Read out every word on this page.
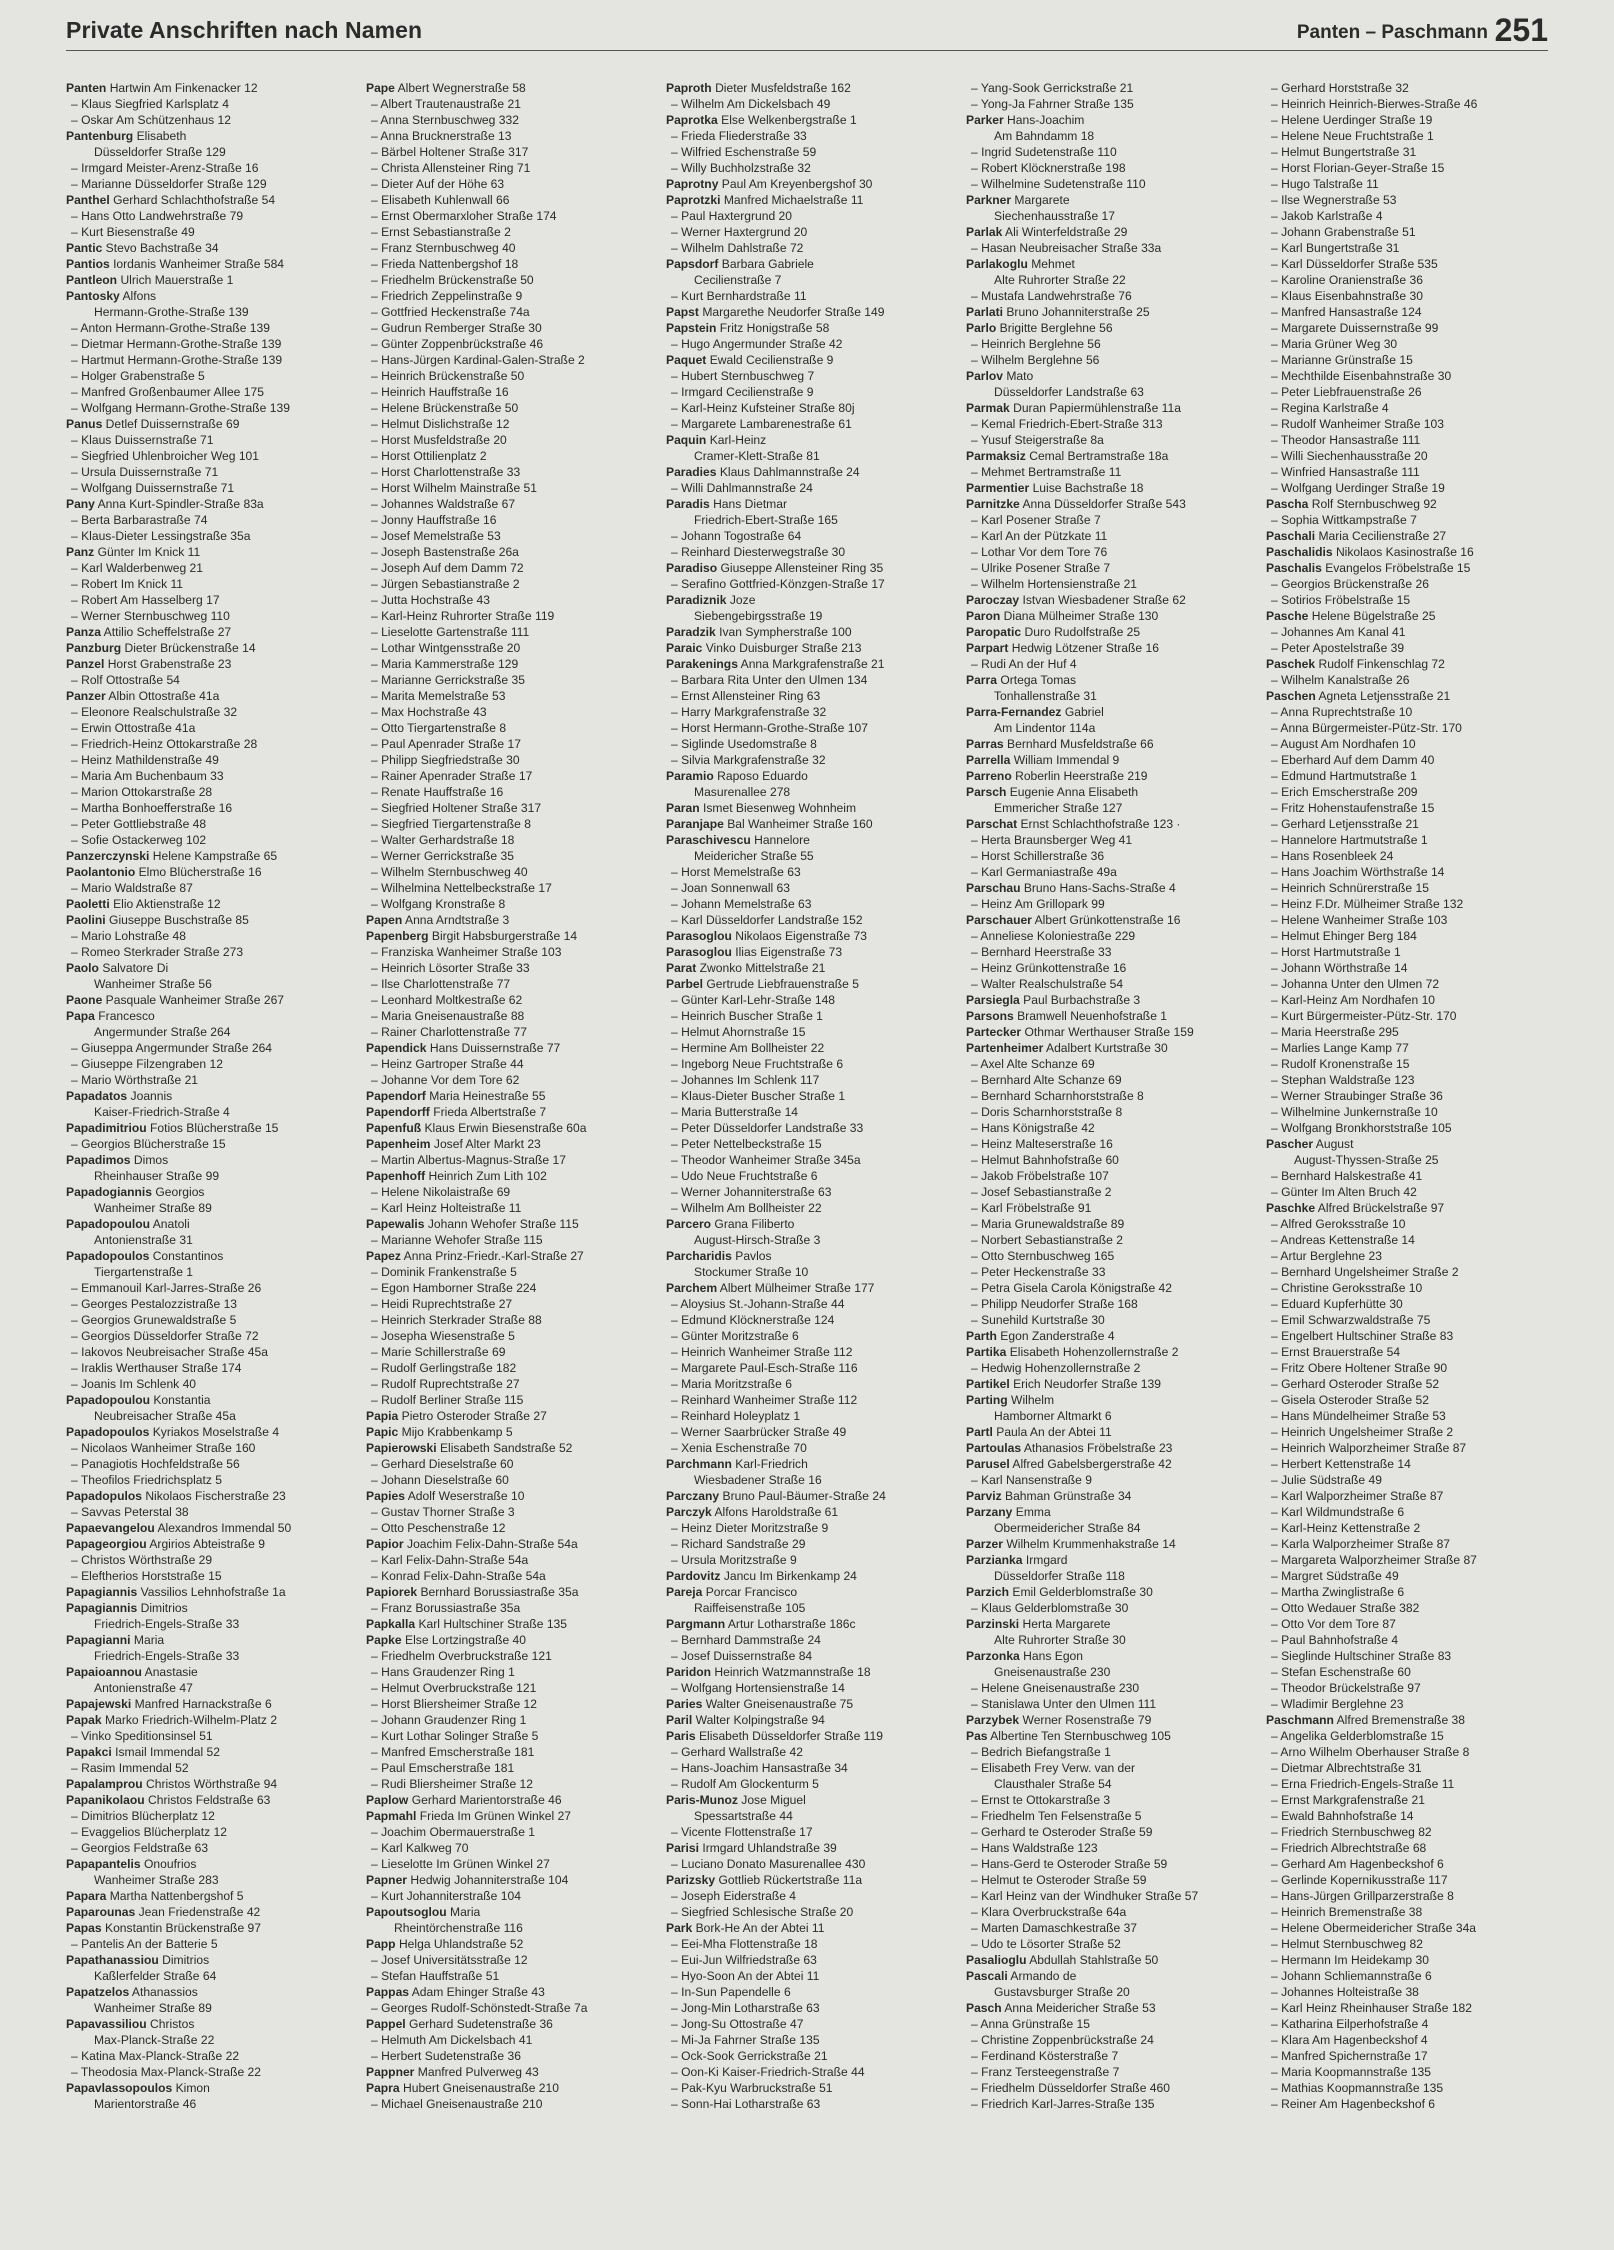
Private Anschriften nach Namen	Panten – Paschmann 251
Panten Hartwin Am Finkenacker 12
– Klaus Siegfried Karlsplatz 4
– Oskar Am Schützenhaus 12
Pantenburg Elisabeth
Düsseldorfer Straße 129
– Irmgard Meister-Arenz-Straße 16
– Marianne Düsseldorfer Straße 129
Panthel Gerhard Schlachthofstraße 54
– Hans Otto Landwehrstraße 79
– Kurt Biesenstraße 49
Pantic Stevo Bachstraße 34
Pantios Iordanis Wanheimer Straße 584
Pantleon Ulrich Mauerstraße 1
Pantosky Alfons
Hermann-Grothe-Straße 139
– Anton Hermann-Grothe-Straße 139
– Dietmar Hermann-Grothe-Straße 139
– Hartmut Hermann-Grothe-Straße 139
– Holger Grabenstraße 5
– Manfred Großenbaumer Allee 175
– Wolfgang Hermann-Grothe-Straße 139
Panus Detlef Duissernstraße 69
– Klaus Duissernstraße 71
– Siegfried Uhlenbroicher Weg 101
– Ursula Duissernstraße 71
– Wolfgang Duissernstraße 71
Pany Anna Kurt-Spindler-Straße 83a
– Berta Barbarastraße 74
– Klaus-Dieter Lessingstraße 35a
Panz Günter Im Knick 11
– Karl Walderbenweg 21
– Robert Im Knick 11
– Robert Am Hasselberg 17
– Werner Sternbuschweg 110
Panza Attilio Scheffelstraße 27
Panzburg Dieter Brückenstraße 14
Panzel Horst Grabenstraße 23
– Rolf Ottostraße 54
Panzer Albin Ottostraße 41a
– Eleonore Realschulstraße 32
– Erwin Ottostraße 41a
– Friedrich-Heinz Ottokarstraße 28
– Heinz Mathildenstraße 49
– Maria Am Buchenbaum 33
– Marion Ottokarstraße 28
– Martha Bonhoefferstraße 16
– Peter Gottliebstraße 48
– Sofie Ostackerweg 102
Panzerczynski Helene Kampstraße 65
Paolantonio Elmo Blücherstraße 16
– Mario Waldstraße 87
Paoletti Elio Aktienstraße 12
Paolini Giuseppe Buschstraße 85
– Mario Lohstraße 48
– Romeo Sterkrader Straße 273
Paolo Salvatore Di
Wanheimer Straße 56
Paone Pasquale Wanheimer Straße 267
Papa Francesco
Angermunder Straße 264
– Giuseppa Angermunder Straße 264
– Giuseppe Filzengraben 12
– Mario Wörthstraße 21
Papadatos Joannis
Kaiser-Friedrich-Straße 4
Papadimitriou Fotios Blücherstraße 15
– Georgios Blücherstraße 15
Papadimos Dimos
Rheinhauser Straße 99
Papadogiannis Georgios
Wanheimer Straße 89
Papadopoulou Anatoli
Antonienstraße 31
Papadopoulos Constantinos
Tiergartenstraße 1
– Emmanouil Karl-Jarres-Straße 26
– Georges Pestalozzistraße 13
– Georgios Grunewaldstraße 5
– Georgios Düsseldorfer Straße 72
– Iakovos Neubreisacher Straße 45a
– Iraklis Werthauser Straße 174
– Joanis Im Schlenk 40
Papadopoulou Konstantia
Neubreisacher Straße 45a
Papadopoulos Kyriakos Moselstraße 4
– Nicolaos Wanheimer Straße 160
– Panagiotis Hochfeldstraße 56
– Theofilos Friedrichsplatz 5
Papadopulos Nikolaos Fischerstraße 23
– Savvas Peterstal 38
Papaevangelou Alexandros Immendal 50
Papageorgiou Argirios Abteistraße 9
– Christos Wörthstraße 29
– Eleftherios Horststraße 15
Papagiannis Vassilios Lehnhofstraße 1a
Papagiannis Dimitrios
Friedrich-Engels-Straße 33
Papagianni Maria
Friedrich-Engels-Straße 33
Papaioannou Anastasie
Antonienstraße 47
Papajewski Manfred Harnackstraße 6
Papak Marko Friedrich-Wilhelm-Platz 2
– Vinko Speditionsinsel 51
Papakci Ismail Immendal 52
– Rasim Immendal 52
Papalamprou Christos Wörthstraße 94
Papanikolaou Christos Feldstraße 63
– Dimitrios Blücherplatz 12
– Evaggelios Blücherplatz 12
– Georgios Feldstraße 63
Papapantelis Onoufrios
Wanheimer Straße 283
Papara Martha Nattenbergshof 5
Paparounas Jean Friedenstraße 42
Papas Konstantin Brückenstraße 97
– Pantelis An der Batterie 5
Papathanassiou Dimitrios
Kaßlerfelder Straße 64
Papatzelos Athanassios
Wanheimer Straße 89
Papavassiliou Christos
Max-Planck-Straße 22
– Katina Max-Planck-Straße 22
– Theodosia Max-Planck-Straße 22
Papavlassopoulos Kimon
Marientorstraße 46
Pape Albert Wegnerstraße 58
– Albert Trautenaustraße 21
– Anna Sternbuschweg 332
– Anna Brucknerstraße 13
– Bärbel Holtener Straße 317
– Christa Allensteiner Ring 71
– Dieter Auf der Höhe 63
– Elisabeth Kuhlenwall 66
– Ernst Obermarxloher Straße 174
– Ernst Sebastianstraße 2
– Franz Sternbuschweg 40
– Frieda Nattenbergshof 18
– Friedhelm Brückenstraße 50
– Friedrich Zeppelinstraße 9
– Gottfried Heckenstraße 74a
– Gudrun Remberger Straße 30
– Günter Zoppenbrückstraße 46
– Hans-Jürgen Kardinal-Galen-Straße 2
– Heinrich Brückenstraße 50
– Heinrich Hauffstraße 16
– Helene Brückenstraße 50
– Helmut Dislichstraße 12
– Horst Musfeldstraße 20
– Horst Ottilienplatz 2
– Horst Charlottenstraße 33
– Horst Wilhelm Mainstraße 51
– Johannes Waldstraße 67
– Jonny Hauffstraße 16
– Josef Memelstraße 53
– Joseph Bastenstraße 26a
– Joseph Auf dem Damm 72
– Jürgen Sebastianstraße 2
– Jutta Hochstraße 43
– Karl-Heinz Ruhrorter Straße 119
– Lieselotte Gartenstraße 111
– Lothar Wintgensstraße 20
– Maria Kammerstraße 129
– Marianne Gerrickstraße 35
– Marita Memelstraße 53
– Max Hochstraße 43
– Otto Tiergartenstraße 8
– Paul Apenrader Straße 17
– Philipp Siegfriedstraße 30
– Rainer Apenrader Straße 17
– Renate Hauffstraße 16
– Siegfried Holtener Straße 317
– Siegfried Tiergartenstraße 8
– Walter Gerhardstraße 18
– Werner Gerrickstraße 35
– Wilhelm Sternbuschweg 40
– Wilhelmina Nettelbeckstraße 17
– Wolfgang Kronstraße 8
Papen Anna Arndtstraße 3
Papenberg Birgit Habsburgerstraße 14
– Franziska Wanheimer Straße 103
– Heinrich Lösorter Straße 33
– Ilse Charlottenstraße 77
– Leonhard Moltkestraße 62
– Maria Gneisenaustraße 88
– Rainer Charlottenstraße 77
Papendick Hans Duissernstraße 77
– Heinz Gartroper Straße 44
– Johanne Vor dem Tore 62
Papendorf Maria Heinestraße 55
Papendorff Frieda Albertstraße 7
Papenfuß Klaus Erwin Biesenstraße 60a
Papenheim Josef Alter Markt 23
– Martin Albertus-Magnus-Straße 17
Papenhoff Heinrich Zum Lith 102
– Helene Nikolaistraße 69
– Karl Heinz Holteistraße 11
Papewalis Johann Wehofer Straße 115
– Marianne Wehofer Straße 115
Papez Anna Prinz-Friedr.-Karl-Straße 27
– Dominik Frankenstraße 5
– Egon Hamborner Straße 224
– Heidi Ruprechtstraße 27
– Heinrich Sterkrader Straße 88
– Josepha Wiesenstraße 5
– Marie Schillerstraße 69
– Rudolf Gerlingstraße 182
– Rudolf Ruprechtstraße 27
– Rudolf Berliner Straße 115
Papia Pietro Osteroder Straße 27
Papic Mijo Krabbenkamp 5
Papierowski Elisabeth Sandstraße 52
– Gerhard Dieselstraße 60
– Johann Dieselstraße 60
Papies Adolf Weserstraße 10
– Gustav Thorner Straße 3
– Otto Peschenstraße 12
Papior Joachim Felix-Dahn-Straße 54a
– Karl Felix-Dahn-Straße 54a
– Konrad Felix-Dahn-Straße 54a
Papiorek Bernhard Borussiastraße 35a
– Franz Borussiastraße 35a
Papkalla Karl Hultschiner Straße 135
Papke Else Lortzingstraße 40
– Friedhelm Overbruckstraße 121
– Hans Graudenzer Ring 1
– Helmut Overbruckstraße 121
– Horst Bliersheimer Straße 12
– Johann Graudenzer Ring 1
– Kurt Lothar Solinger Straße 5
– Manfred Emscherstraße 181
– Paul Emscherstraße 181
– Rudi Bliersheimer Straße 12
Paplow Gerhard Marientorstraße 46
Papmahl Frieda Im Grünen Winkel 27
– Joachim Obermauerstraße 1
– Karl Kalkweg 70
– Lieselotte Im Grünen Winkel 27
Papner Hedwig Johanniterstraße 104
– Kurt Johanniterstraße 104
Papoutsoglou Maria
Rheintörchenstraße 116
Papp Helga Uhlandstraße 52
– Josef Universitätsstraße 12
– Stefan Hauffstraße 51
Pappas Adam Ehinger Straße 43
– Georges Rudolf-Schönstedt-Straße 7a
Pappel Gerhard Sudetenstraße 36
– Helmuth Am Dickelsbach 41
– Herbert Sudetenstraße 36
Pappner Manfred Pulverweg 43
Papra Hubert Gneisenaustraße 210
– Michael Gneisenaustraße 210
Paproth Dieter Musfeldstraße 162
– Wilhelm Am Dickelsbach 49
Paprotka Else Welkenbergstraße 1
– Frieda Fliederstraße 33
– Wilfried Eschenstraße 59
– Willy Buchholzstraße 32
Paprotny Paul Am Kreyenbergshof 30
Paprotzki Manfred Michaelstraße 11
– Paul Haxtergrund 20
– Werner Haxtergrund 20
– Wilhelm Dahlstraße 72
Papsdorf Barbara Gabriele
Cecilienstraße 7
– Kurt Bernhardstraße 11
Papst Margarethe Neudorfer Straße 149
Papstein Fritz Honigstraße 58
– Hugo Angermunder Straße 42
Paquet Ewald Cecilienstraße 9
– Hubert Sternbuschweg 7
– Irmgard Cecilienstraße 9
– Karl-Heinz Kufsteiner Straße 80j
– Margarete Lambarenestraße 61
Paquin Karl-Heinz
Cramer-Klett-Straße 81
Paradies Klaus Dahlmannstraße 24
– Willi Dahlmannstraße 24
Paradis Hans Dietmar
Friedrich-Ebert-Straße 165
– Johann Togostraße 64
– Reinhard Diesterwegstraße 30
Paradiso Giuseppe Allensteiner Ring 35
– Serafino Gottfried-Könzgen-Straße 17
Paradiznik Joze
Siebengebirgsstraße 19
Paradzik Ivan Sympherstraße 100
Paraic Vinko Duisburger Straße 213
Parakenings Anna Markgrafenstraße 21
– Barbara Rita Unter den Ulmen 134
– Ernst Allensteiner Ring 63
– Harry Markgrafenstraße 32
– Horst Hermann-Grothe-Straße 107
– Siglinde Usedomstraße 8
– Silvia Markgrafenstraße 32
Paramio Raposo Eduardo
Masurenallee 278
Paran Ismet Biesenweg Wohnheim
Paranjape Bal Wanheimer Straße 160
Paraschivescu Hannelore
Meidericher Straße 55
– Horst Memelstraße 63
– Joan Sonnenwall 63
– Johann Memelstraße 63
– Karl Düsseldorfer Landstraße 152
Parasoglou Nikolaos Eigenstraße 73
Parasoglou Ilias Eigenstraße 73
Parat Zwonko Mittelstraße 21
Parbel Gertrude Liebfrauenstraße 5
– Günter Karl-Lehr-Straße 148
– Heinrich Buscher Straße 1
– Helmut Ahornstraße 15
– Hermine Am Bollheister 22
– Ingeborg Neue Fruchtstraße 6
– Johannes Im Schlenk 117
– Klaus-Dieter Buscher Straße 1
– Maria Butterstraße 14
– Peter Düsseldorfer Landstraße 33
– Peter Nettelbeckstraße 15
– Theodor Wanheimer Straße 345a
– Udo Neue Fruchtstraße 6
– Werner Johanniterstraße 63
– Wilhelm Am Bollheister 22
Parcero Grana Filiberto
August-Hirsch-Straße 3
Parcharidis Pavlos
Stockumer Straße 10
Parchem Albert Mülheimer Straße 177
– Aloysius St.-Johann-Straße 44
– Edmund Klöcknerstraße 124
– Günter Moritzstraße 6
– Heinrich Wanheimer Straße 112
– Margarete Paul-Esch-Straße 116
– Maria Moritzstraße 6
– Reinhard Wanheimer Straße 112
– Reinhard Holeyplatz 1
– Werner Saarbrücker Straße 49
– Xenia Eschenstraße 70
Parchmann Karl-Friedrich
Wiesbadener Straße 16
Parczany Bruno Paul-Bäumer-Straße 24
Parczyk Alfons Haroldstraße 61
– Heinz Dieter Moritzstraße 9
– Richard Sandstraße 29
– Ursula Moritzstraße 9
Pardovitz Jancu Im Birkenkamp 24
Pareja Porcar Francisco
Raiffeisenstraße 105
Pargmann Artur Lotharstraße 186c
– Bernhard Dammstraße 24
– Josef Duissernstraße 84
Paridon Heinrich Watzmannstraße 18
– Wolfgang Hortensienstraße 14
Paries Walter Gneisenaustraße 75
Paril Walter Kolpingstraße 94
Paris Elisabeth Düsseldorfer Straße 119
– Gerhard Wallstraße 42
– Hans-Joachim Hansastraße 34
– Rudolf Am Glockenturm 5
Paris-Munoz Jose Miguel
Spessartstraße 44
– Vicente Flottenstraße 17
Parisi Irmgard Uhlandstraße 39
– Luciano Donato Masurenallee 430
Parizsky Gottlieb Rückertstraße 11a
– Joseph Eiderstraße 4
– Siegfried Schlesische Straße 20
Park Bork-He An der Abtei 11
– Eei-Mha Flottenstraße 18
– Eui-Jun Wilfriedstraße 63
– Hyo-Soon An der Abtei 11
– In-Sun Papendelle 6
– Jong-Min Lotharstraße 63
– Jong-Su Ottostraße 47
– Mi-Ja Fahrner Straße 135
– Ock-Sook Gerrickstraße 21
– Oon-Ki Kaiser-Friedrich-Straße 44
– Pak-Kyu Warbruckstraße 51
– Sonn-Hai Lotharstraße 63
– Yang-Sook Gerrickstraße 21
– Yong-Ja Fahrner Straße 135
Parker Hans-Joachim
Am Bahndamm 18
– Ingrid Sudetenstraße 110
– Robert Klöcknerstraße 198
– Wilhelmine Sudetenstraße 110
Parkner Margarete
Siechenhausstraße 17
Parlak Ali Winterfeldstraße 29
– Hasan Neubreisacher Straße 33a
Parlakoglu Mehmet
Alte Ruhrorter Straße 22
– Mustafa Landwehrstraße 76
Parlati Bruno Johanniterstraße 25
Parlo Brigitte Berglehne 56
– Heinrich Berglehne 56
– Wilhelm Berglehne 56
Parlov Mato
Düsseldorfer Landstraße 63
Parmak Duran Papiermühlenstraße 11a
– Kemal Friedrich-Ebert-Straße 313
– Yusuf Steigerstraße 8a
Parmaksiz Cemal Bertramstraße 18a
– Mehmet Bertramstraße 11
Parmentier Luise Bachstraße 18
Parnitzke Anna Düsseldorfer Straße 543
– Karl Posener Straße 7
– Karl An der Pützkate 11
– Lothar Vor dem Tore 76
– Ulrike Posener Straße 7
– Wilhelm Hortensienstraße 21
Paroczay Istvan Wiesbadener Straße 62
Paron Diana Mülheimer Straße 130
Paropatic Duro Rudolfstraße 25
Parpart Hedwig Lötzener Straße 16
– Rudi An der Huf 4
Parra Ortega Tomas
Tonhallenstraße 31
Parra-Fernandez Gabriel
Am Lindentor 114a
Parras Bernhard Musfeldstraße 66
Parrella William Immendal 9
Parreno Roberlin Heerstraße 219
Parsch Eugenie Anna Elisabeth
Emmericher Straße 127
Parschat Ernst Schlachthofstraße 123 ·
– Herta Braunsberger Weg 41
– Horst Schillerstraße 36
– Karl Germaniastraße 49a
Parschau Bruno Hans-Sachs-Straße 4
– Heinz Am Grillopark 99
Parschauer Albert Grünkottenstraße 16
– Anneliese Koloniestraße 229
– Bernhard Heerstraße 33
– Heinz Grünkottenstraße 16
– Walter Realschulstraße 54
Parsiegla Paul Burbachstraße 3
Parsons Bramwell Neuenhofstraße 1
Partecker Othmar Werthauser Straße 159
Partenheimer Adalbert Kurtstraße 30
– Axel Alte Schanze 69
– Bernhard Alte Schanze 69
– Bernhard Scharnhorststraße 8
– Doris Scharnhorststraße 8
– Hans Königstraße 42
– Heinz Malteserstraße 16
– Helmut Bahnhofstraße 60
– Jakob Fröbelstraße 107
– Josef Sebastianstraße 2
– Karl Fröbelstraße 91
– Maria Grunewaldstraße 89
– Norbert Sebastianstraße 2
– Otto Sternbuschweg 165
– Peter Heckenstraße 33
– Petra Gisela Carola Königstraße 42
– Philipp Neudorfer Straße 168
– Sunehild Kurtstraße 30
Parth Egon Zanderstraße 4
Partika Elisabeth Hohenzollernstraße 2
– Hedwig Hohenzollernstraße 2
Partikel Erich Neudorfer Straße 139
Parting Wilhelm
Hamborner Altmarkt 6
Partl Paula An der Abtei 11
Partoulas Athanasios Fröbelstraße 23
Parusel Alfred Gabelsbergerstraße 42
– Karl Nansenstraße 9
Parviz Bahman Grünstraße 34
Parzany Emma
Obermeidericher Straße 84
Parzer Wilhelm Krummenhakstraße 14
Parzianka Irmgard
Düsseldorfer Straße 118
Parzich Emil Gelderblomstraße 30
– Klaus Gelderblomstraße 30
Parzinski Herta Margarete
Alte Ruhrorter Straße 30
Parzonka Hans Egon
Gneisenaustraße 230
– Helene Gneisenaustraße 230
– Stanislawa Unter den Ulmen 111
Parzybek Werner Rosenstraße 79
Pas Albertine Ten Sternbuschweg 105
– Bedrich Biefangstraße 1
– Elisabeth Frey Verw. van der
Clausthaler Straße 54
– Ernst te Ottokarstraße 3
– Friedhelm Ten Felsenstraße 5
– Gerhard te Osteroder Straße 59
– Hans Waldstraße 123
– Hans-Gerd te Osteroder Straße 59
– Helmut te Osteroder Straße 59
– Karl Heinz van der Windhuker Straße 57
– Klara Overbruckstraße 64a
– Marten Damaschkestraße 37
– Udo te Lösorter Straße 52
Pasalioglu Abdullah Stahlstraße 50
Pascali Armando de
Gustavsburger Straße 20
Pasch Anna Meidericher Straße 53
– Anna Grünstraße 15
– Christine Zoppenbrückstraße 24
– Ferdinand Kösterstraße 7
– Franz Tersteegenstraße 7
– Friedhelm Düsseldorfer Straße 460
– Friedrich Karl-Jarres-Straße 135
– Gerhard Horststraße 32
– Heinrich Heinrich-Bierwes-Straße 46
– Helene Uerdinger Straße 19
– Helene Neue Fruchtstraße 1
– Helmut Bungertstraße 31
– Horst Florian-Geyer-Straße 15
– Hugo Talstraße 11
– Ilse Wegnerstraße 53
– Jakob Karlstraße 4
– Johann Grabenstraße 51
– Karl Bungertstraße 31
– Karl Düsseldorfer Straße 535
– Karoline Oranienstraße 36
– Klaus Eisenbahnstraße 30
– Manfred Hansastraße 124
– Margarete Duissernstraße 99
– Maria Grüner Weg 30
– Marianne Grünstraße 15
– Mechthilde Eisenbahnstraße 30
– Peter Liebfrauenstraße 26
– Regina Karlstraße 4
– Rudolf Wanheimer Straße 103
– Theodor Hansastraße 111
– Willi Siechenhausstraße 20
– Winfried Hansastraße 111
– Wolfgang Uerdinger Straße 19
Pascha Rolf Sternbuschweg 92
– Sophia Wittkampstraße 7
Paschali Maria Cecilienstraße 27
Paschalidis Nikolaos Kasinostraße 16
Paschalis Evangelos Fröbelstraße 15
– Georgios Brückenstraße 26
– Sotirios Fröbelstraße 15
Pasche Helene Bügelstraße 25
– Johannes Am Kanal 41
– Peter Apostelstraße 39
Paschek Rudolf Finkenschlag 72
– Wilhelm Kanalstraße 26
Paschen Agneta Letjensstraße 21
– Anna Ruprechtstraße 10
– Anna Bürgermeister-Pütz-Str. 170
– August Am Nordhafen 10
– Eberhard Auf dem Damm 40
– Edmund Hartmutstraße 1
– Erich Emscherstraße 209
– Fritz Hohenstaufenstraße 15
– Gerhard Letjensstraße 21
– Hannelore Hartmutstraße 1
– Hans Rosenbleek 24
– Hans Joachim Wörthstraße 14
– Heinrich Schnürerstraße 15
– Heinz F.Dr. Mülheimer Straße 132
– Helene Wanheimer Straße 103
– Helmut Ehinger Berg 184
– Horst Hartmutstraße 1
– Johann Wörthstraße 14
– Johanna Unter den Ulmen 72
– Karl-Heinz Am Nordhafen 10
– Kurt Bürgermeister-Pütz-Str. 170
– Maria Heerstraße 295
– Marlies Lange Kamp 77
– Rudolf Kronenstraße 15
– Stephan Waldstraße 123
– Werner Straubinger Straße 36
– Wilhelmine Junkernstraße 10
– Wolfgang Bronkhorststraße 105
Pascher August
August-Thyssen-Straße 25
– Bernhard Halskestraße 41
– Günter Im Alten Bruch 42
Paschke Alfred Brückelstraße 97
– Alfred Geroksstraße 10
– Andreas Kettenstraße 14
– Artur Berglehne 23
– Bernhard Ungelsheimer Straße 2
– Christine Geroksstraße 10
– Eduard Kupferhütte 30
– Emil Schwarzwaldstraße 75
– Engelbert Hultschiner Straße 83
– Ernst Brauerstraße 54
– Fritz Obere Holtener Straße 90
– Gerhard Osteroder Straße 52
– Gisela Osteroder Straße 52
– Hans Mündelheimer Straße 53
– Heinrich Ungelsheimer Straße 2
– Heinrich Walporzheimer Straße 87
– Herbert Kettenstraße 14
– Julie Südstraße 49
– Karl Walporzheimer Straße 87
– Karl Wildmundstraße 6
– Karl-Heinz Kettenstraße 2
– Karla Walporzheimer Straße 87
– Margareta Walporzheimer Straße 87
– Margret Südstraße 49
– Martha Zwinglistraße 6
– Otto Wedauer Straße 382
– Otto Vor dem Tore 87
– Paul Bahnhofstraße 4
– Sieglinde Hultschiner Straße 83
– Stefan Eschenstraße 60
– Theodor Brückelstraße 97
– Wladimir Berglehne 23
Paschmann Alfred Bremenstraße 38
– Angelika Gelderblomstraße 15
– Arno Wilhelm Oberhauser Straße 8
– Dietmar Albrechtstraße 31
– Erna Friedrich-Engels-Straße 11
– Ernst Markgrafenstraße 21
– Ewald Bahnhofstraße 14
– Friedrich Sternbuschweg 82
– Friedrich Albrechtstraße 68
– Gerhard Am Hagenbeckshof 6
– Gerlinde Kopernikusstraße 117
– Hans-Jürgen Grillparzerstraße 8
– Heinrich Bremenstraße 38
– Helene Obermeidericher Straße 34a
– Helmut Sternbuschweg 82
– Hermann Im Heidekamp 30
– Johann Schliemannstraße 6
– Johannes Holteistraße 38
– Karl Heinz Rheinhauser Straße 182
– Katharina Eilperhofstraße 4
– Klara Am Hagenbeckshof 4
– Manfred Spichernstraße 17
– Maria Koopmannstraße 135
– Mathias Koopmannstraße 135
– Reiner Am Hagenbeckshof 6
